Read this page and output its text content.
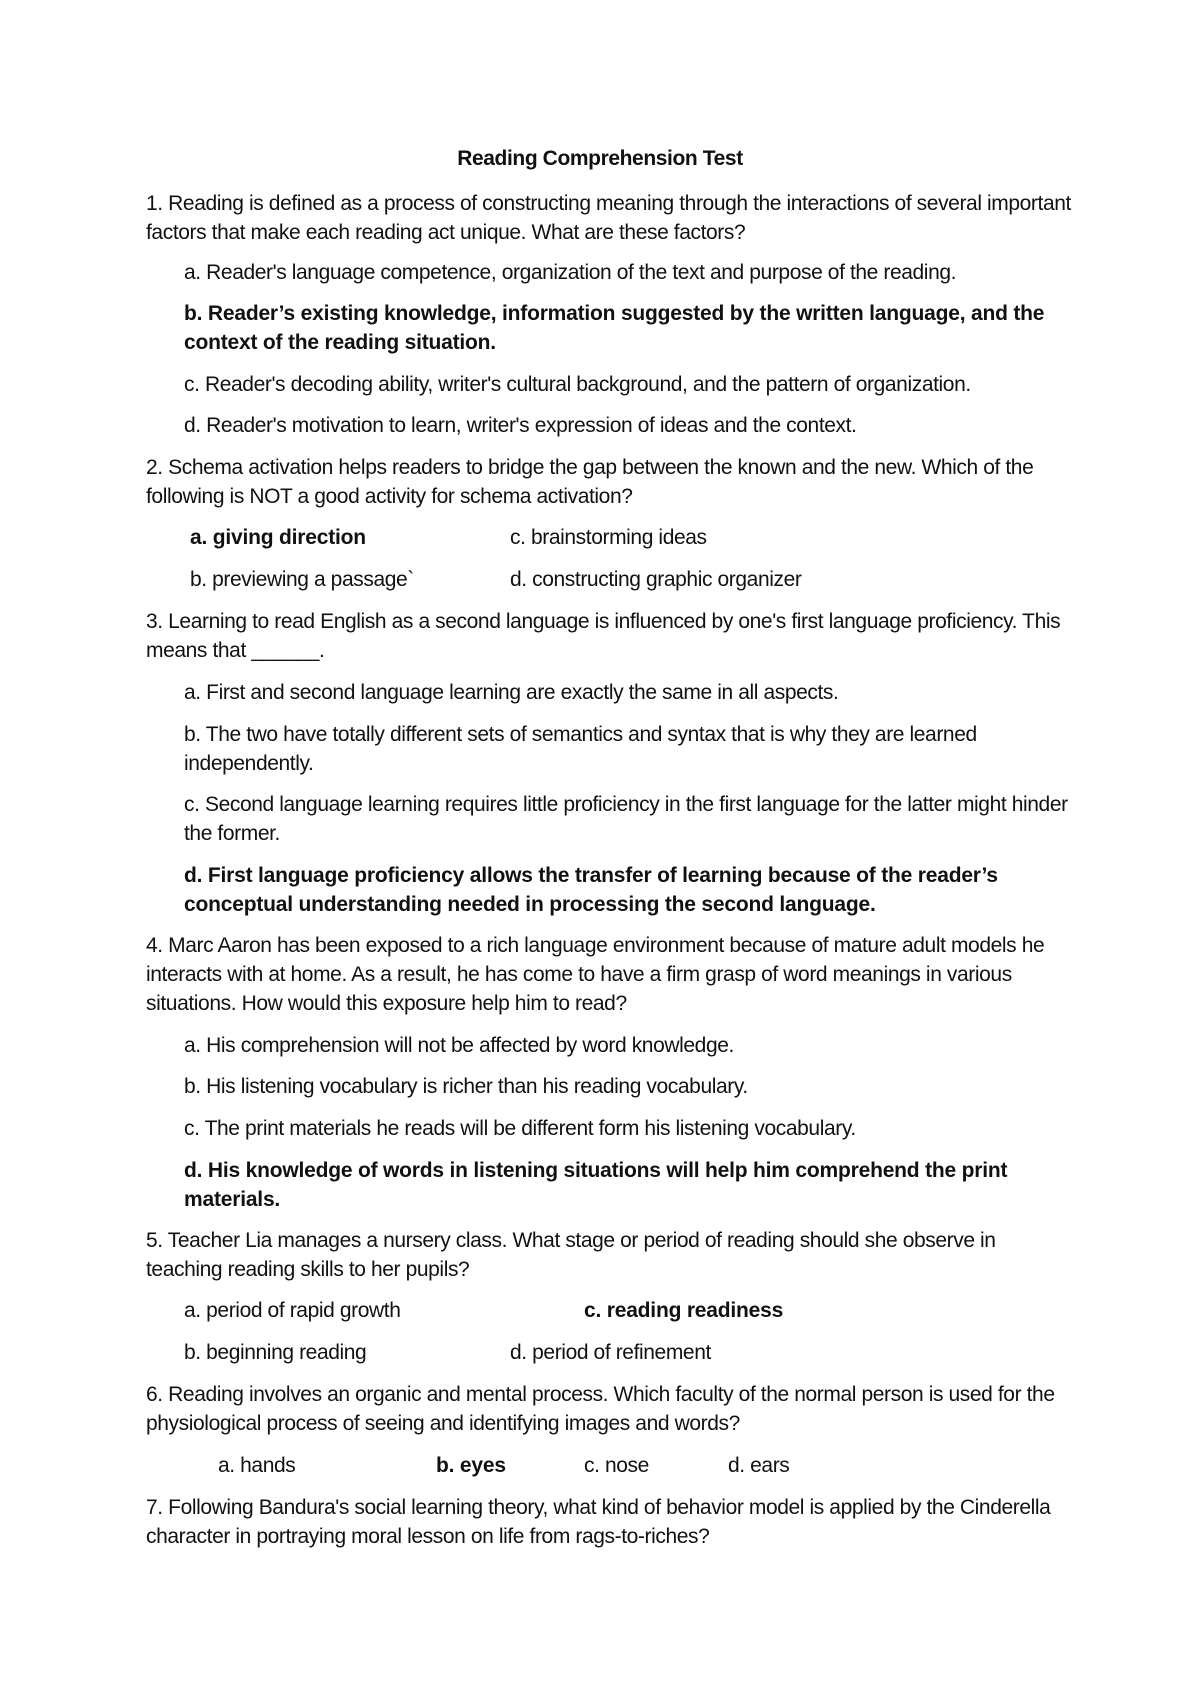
Reading Comprehension Test
1. Reading is defined as a process of constructing meaning through the interactions of several important factors that make each reading act unique. What are these factors?
a. Reader's language competence, organization of the text and purpose of the reading.
b. Reader’s existing knowledge, information suggested by the written language, and the context of the reading situation.
c. Reader's decoding ability, writer's cultural background, and the pattern of organization.
d. Reader's motivation to learn, writer's expression of ideas and the context.
2. Schema activation helps readers to bridge the gap between the known and the new. Which of the following is NOT a good activity for schema activation?
a. giving direction
b. previewing a passage`
c. brainstorming ideas
d. constructing graphic organizer
3. Learning to read English as a second language is influenced by one's first language proficiency. This means that ______.
a. First and second language learning are exactly the same in all aspects.
b. The two have totally different sets of semantics and syntax that is why they are learned independently.
c. Second language learning requires little proficiency in the first language for the latter might hinder the former.
d. First language proficiency allows the transfer of learning because of the reader’s conceptual understanding needed in processing the second language.
4. Marc Aaron has been exposed to a rich language environment because of mature adult models he interacts with at home. As a result, he has come to have a firm grasp of word meanings in various situations. How would this exposure help him to read?
a. His comprehension will not be affected by word knowledge.
b. His listening vocabulary is richer than his reading vocabulary.
c. The print materials he reads will be different form his listening vocabulary.
d. His knowledge of words in listening situations will help him comprehend the print materials.
5. Teacher Lia manages a nursery class. What stage or period of reading should she observe in teaching reading skills to her pupils?
a. period of rapid growth
b. beginning reading
c. reading readiness
d. period of refinement
6. Reading involves an organic and mental process. Which faculty of the normal person is used for the physiological process of seeing and identifying images and words?
a. hands	b. eyes	c. nose	d. ears
7. Following Bandura's social learning theory, what kind of behavior model is applied by the Cinderella character in portraying moral lesson on life from rags-to-riches?
